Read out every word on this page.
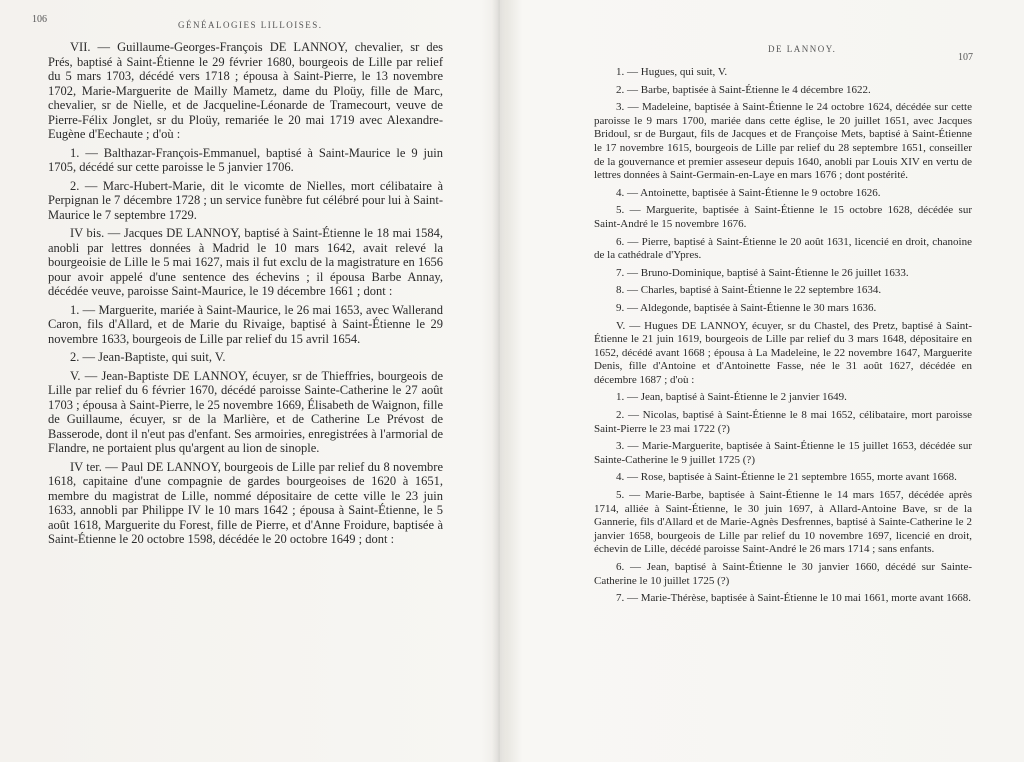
106	GÉNÉALOGIES LILLOISES.

VII. — Guillaume-Georges-François DE LANNOY, chevalier, sr des Prés, baptisé à Saint-Étienne le 29 février 1680, bourgeois de Lille par relief du 5 mars 1703, décédé vers 1718 ; épousa à Saint-Pierre, le 13 novembre 1702, Marie-Marguerite de Mailly Mametz, dame du Ploüy, fille de Marc, chevalier, sr de Nielle, et de Jacqueline-Léonarde de Tramecourt, veuve de Pierre-Félix Jonglet, sr du Ploüy, remariée le 20 mai 1719 avec Alexandre-Eugène d'Eechaute ; d'où :

1. — Balthazar-François-Emmanuel, baptisé à Saint-Maurice le 9 juin 1705, décédé sur cette paroisse le 5 janvier 1706.

2. — Marc-Hubert-Marie, dit le vicomte de Nielles, mort célibataire à Perpignan le 7 décembre 1728 ; un service funèbre fut célébré pour lui à Saint-Maurice le 7 septembre 1729.

IV bis. — Jacques DE LANNOY, baptisé à Saint-Étienne le 18 mai 1584, anobli par lettres données à Madrid le 10 mars 1642, avait relevé la bourgeoisie de Lille le 5 mai 1627, mais il fut exclu de la magistrature en 1656 pour avoir appelé d'une sentence des échevins ; il épousa Barbe Annay, décédée veuve, paroisse Saint-Maurice, le 19 décembre 1661 ; dont :

1. — Marguerite, mariée à Saint-Maurice, le 26 mai 1653, avec Wallerand Caron, fils d'Allard, et de Marie du Rivaige, baptisé à Saint-Étienne le 29 novembre 1633, bourgeois de Lille par relief du 15 avril 1654.

2. — Jean-Baptiste, qui suit, V.

V. — Jean-Baptiste DE LANNOY, écuyer, sr de Thieffries, bourgeois de Lille par relief du 6 février 1670, décédé paroisse Sainte-Catherine le 27 août 1703 ; épousa à Saint-Pierre, le 25 novembre 1669, Élisabeth de Waignon, fille de Guillaume, écuyer, sr de la Marlière, et de Catherine Le Prévost de Basserode, dont il n'eut pas d'enfant. Ses armoiries, enregistrées à l'armorial de Flandre, ne portaient plus qu'argent au lion de sinople.

IV ter. — Paul DE LANNOY, bourgeois de Lille par relief du 8 novembre 1618, capitaine d'une compagnie de gardes bourgeoises de 1620 à 1651, membre du magistrat de Lille, nommé dépositaire de cette ville le 23 juin 1633, annobli par Philippe IV le 10 mars 1642 ; épousa à Saint-Étienne, le 5 août 1618, Marguerite du Forest, fille de Pierre, et d'Anne Froidure, baptisée à Saint-Étienne le 20 octobre 1598, décédée le 20 octobre 1649 ; dont :

DE LANNOY.
107

1. — Hugues, qui suit, V.

2. — Barbe, baptisée à Saint-Étienne le 4 décembre 1622.

3. — Madeleine, baptisée à Saint-Étienne le 24 octobre 1624, décédée sur cette paroisse le 9 mars 1700, mariée dans cette église, le 20 juillet 1651, avec Jacques Bridoul, sr de Burgaut, fils de Jacques et de Françoise Mets, baptisé à Saint-Étienne le 17 novembre 1615, bourgeois de Lille par relief du 28 septembre 1651, conseiller de la gouvernance et premier asseseur depuis 1640, anobli par Louis XIV en vertu de lettres données à Saint-Germain-en-Laye en mars 1676 ; dont postérité.

4. — Antoinette, baptisée à Saint-Étienne le 9 octobre 1626.

5. — Marguerite, baptisée à Saint-Étienne le 15 octobre 1628, décédée sur Saint-André le 15 novembre 1676.

6. — Pierre, baptisé à Saint-Étienne le 20 août 1631, licencié en droit, chanoine de la cathédrale d'Ypres.

7. — Bruno-Dominique, baptisé à Saint-Étienne le 26 juillet 1633.

8. — Charles, baptisé à Saint-Étienne le 22 septembre 1634.

9. — Aldegonde, baptisée à Saint-Étienne le 30 mars 1636.

V. — Hugues DE LANNOY, écuyer, sr du Chastel, des Pretz, baptisé à Saint-Étienne le 21 juin 1619, bourgeois de Lille par relief du 3 mars 1648, dépositaire en 1652, décédé avant 1668 ; épousa à La Madeleine, le 22 novembre 1647, Marguerite Denis, fille d'Antoine et d'Antoinette Fasse, née le 31 août 1627, décédée en décembre 1687 ; d'où :

1. — Jean, baptisé à Saint-Étienne le 2 janvier 1649.

2. — Nicolas, baptisé à Saint-Étienne le 8 mai 1652, célibataire, mort paroisse Saint-Pierre le 23 mai 1722 (?)

3. — Marie-Marguerite, baptisée à Saint-Étienne le 15 juillet 1653, décédée sur Sainte-Catherine le 9 juillet 1725 (?)

4. — Rose, baptisée à Saint-Étienne le 21 septembre 1655, morte avant 1668.

5. — Marie-Barbe, baptisée à Saint-Étienne le 14 mars 1657, décédée après 1714, alliée à Saint-Étienne, le 30 juin 1697, à Allard-Antoine Bave, sr de la Gannerie, fils d'Allard et de Marie-Agnès Desfrennes, baptisé à Sainte-Catherine le 2 janvier 1658, bourgeois de Lille par relief du 10 novembre 1697, licencié en droit, échevin de Lille, décédé paroisse Saint-André le 26 mars 1714 ; sans enfants.

6. — Jean, baptisé à Saint-Étienne le 30 janvier 1660, décédé sur Sainte-Catherine le 10 juillet 1725 (?)

7. — Marie-Thérèse, baptisée à Saint-Étienne le 10 mai 1661, morte avant 1668.
